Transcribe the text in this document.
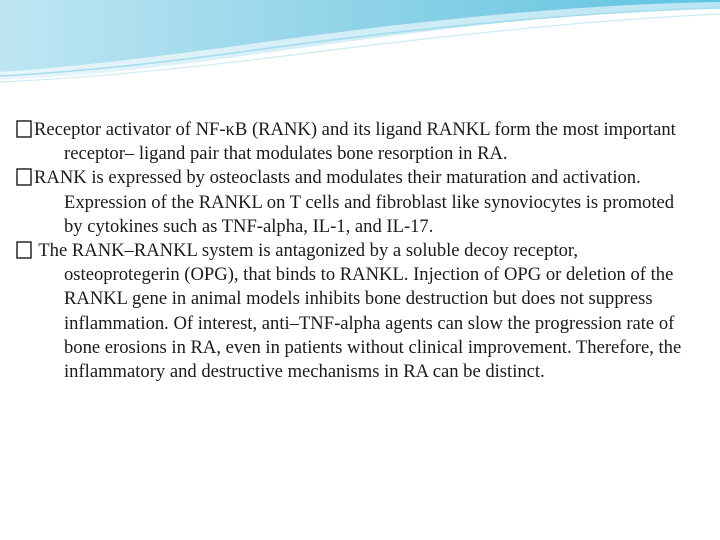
Receptor activator of NF-κB (RANK) and its ligand RANKL form the most important receptor– ligand pair that modulates bone resorption in RA.

RANK is expressed by osteoclasts and modulates their maturation and activation. Expression of the RANKL on T cells and fibroblast like synoviocytes is promoted by cytokines such as TNF-alpha, IL-1, and IL-17.

The RANK–RANKL system is antagonized by a soluble decoy receptor, osteoprotegerin (OPG), that binds to RANKL. Injection of OPG or deletion of the RANKL gene in animal models inhibits bone destruction but does not suppress inflammation. Of interest, anti–TNF-alpha agents can slow the progression rate of bone erosions in RA, even in patients without clinical improvement. Therefore, the inflammatory and destructive mechanisms in RA can be distinct.
